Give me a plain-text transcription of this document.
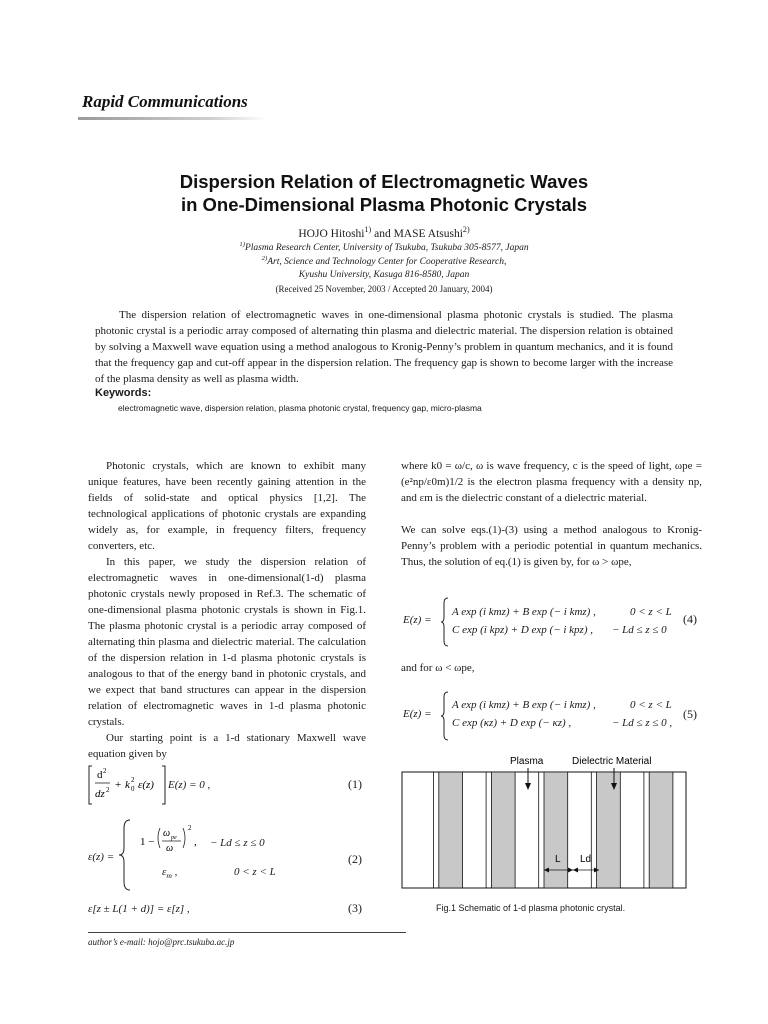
Rapid Communications
Dispersion Relation of Electromagnetic Waves
in One-Dimensional Plasma Photonic Crystals
HOJO Hitoshi$^{1)}$ and MASE Atsushi$^{2)}$
$^{1)}$Plasma Research Center, University of Tsukuba, Tsukuba 305-8577, Japan
$^{2)}$Art, Science and Technology Center for Cooperative Research,
Kyushu University, Kasuga 816-8580, Japan
(Received 25 November, 2003 / Accepted 20 January, 2004)
The dispersion relation of electromagnetic waves in one-dimensional plasma photonic crystals is studied. The plasma photonic crystal is a periodic array composed of alternating thin plasma and dielectric material. The dispersion relation is obtained by solving a Maxwell wave equation using a method analogous to Kronig-Penny’s problem in quantum mechanics, and it is found that the frequency gap and cut-off appear in the dispersion relation. The frequency gap is shown to become larger with the increase of the plasma density as well as plasma width.
Keywords:
electromagnetic wave, dispersion relation, plasma photonic crystal, frequency gap, micro-plasma

Photonic crystals, which are known to exhibit many unique features, have been recently gaining attention in the fields of solid-state and optical physics [1,2]. The technological applications of photonic crystals are expanding widely as, for example, in frequency filters, frequency converters, etc.

In this paper, we study the dispersion relation of electromagnetic waves in one-dimensional(1-d) plasma photonic crystals newly proposed in Ref.3. The schematic of one-dimensional plasma photonic crystals is shown in Fig.1. The plasma photonic crystal is a periodic array composed of alternating thin plasma and dielectric material. The calculation of the dispersion relation in 1-d plasma photonic crystals is analogous to that of the energy band in photonic crystals, and we expect that band structures can appear in the dispersion relation of electromagnetic waves in 1-d plasma photonic crystals.

Our starting point is a 1-d stationary Maxwell wave equation given by

d 2
dz 2 + k 0
2 ε(z) E(z) = 0 ,	(1)
ε(z) =
1 −
ω pe
ω
2
, − Ld ≤ z ≤ 0
$\varepsilon_m$ ,	0 < z < L
(2)
ε[z ± L(1 + d)] = ε[z] ,	(3)
author’s e-mail: hojo@prc.tsukuba.ac.jp

where k0 = ω/c, ω is wave frequency, c is the speed of light, ωpe = (e²np/ε0m)1/2 is the electron plasma frequency with a density np, and εm is the dielectric constant of a dielectric material.

We can solve eqs.(1)-(3) using a method analogous to Kronig-Penny’s problem with a periodic potential in quantum mechanics. Thus, the solution of eq.(1) is given by, for ω > ωpe,

E(z) =
A exp (i kmz) + B exp (− i kmz) ,	0 < z < L
C exp (i kpz) + D exp (− i kpz) , − Ld ≤ z ≤ 0
(4)
and for ω < ωpe,
E(z) =
A exp (i kmz) + B exp (− i kmz) ,	0 < z < L
C exp (κz) + D exp (− κz) ,	− Ld ≤ z ≤ 0 ,
(5)
Plasma	Dielectric Material
L Ld
Fig.1 Schematic of 1-d plasma photonic crystal.
